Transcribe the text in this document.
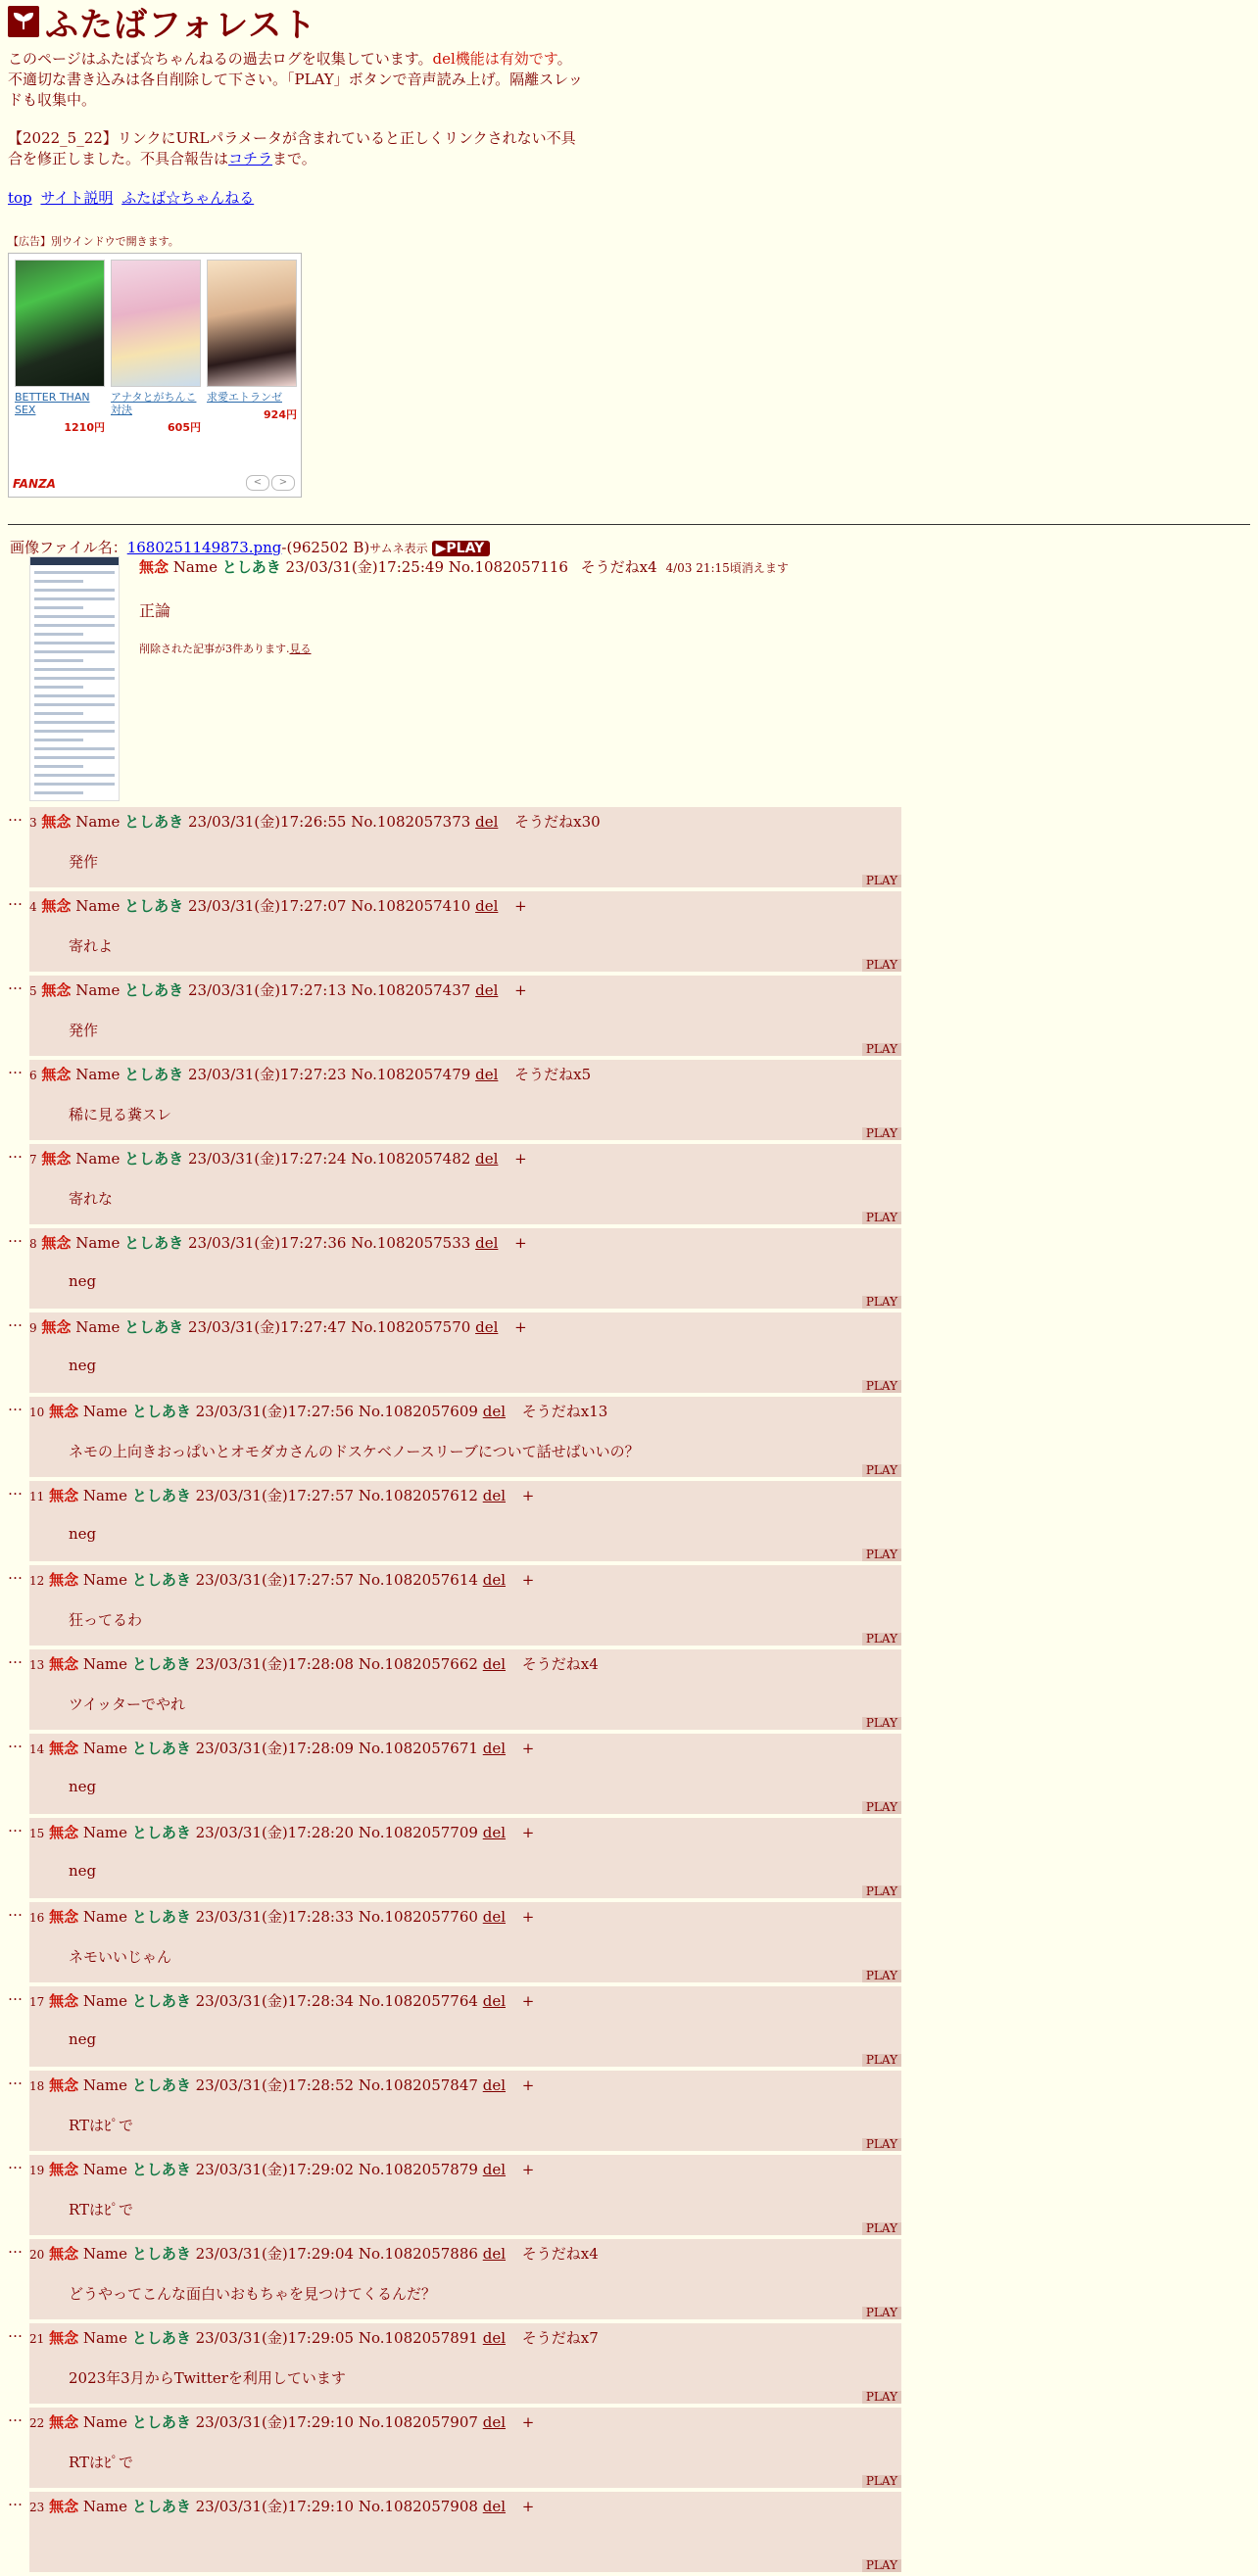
ふたばフォレスト
このページはふたば☆ちゃんねるの過去ログを収集しています。del機能は有効です。不適切な書き込みは各自削除して下さい。「PLAY」ボタンで音声読み上げ。隔離スレッドも収集中。
【2022_5_22】リンクにURLパラメータが含まれていると正しくリンクされない不具合を修正しました。不具合報告はコチラまで。
top サイト説明 ふたば☆ちゃんねる
【広告】別ウインドウで開きます。
BETTER THAN SEX
1210円
アナタとがちんこ対決
605円
求愛エトランゼ
924円
FANZA	<	>
画像ファイル名：1680251149873.png-(962502 B)サムネ表示 ▶PLAY
無念 Name としあき 23/03/31(金)17:25:49 No.1082057116 そうだねx4 4/03 21:15頃消えます
正論
削除された記事が3件あります.見る
… 3 無念 Name としあき 23/03/31(金)17:26:55 No.1082057373 del そうだねx30
発作
PLAY
… 4 無念 Name としあき 23/03/31(金)17:27:07 No.1082057410 del +
寄れよ
PLAY
… 5 無念 Name としあき 23/03/31(金)17:27:13 No.1082057437 del +
発作
PLAY
… 6 無念 Name としあき 23/03/31(金)17:27:23 No.1082057479 del そうだねx5
稀に見る糞スレ
PLAY
… 7 無念 Name としあき 23/03/31(金)17:27:24 No.1082057482 del +
寄れな
PLAY
… 8 無念 Name としあき 23/03/31(金)17:27:36 No.1082057533 del +
neg
PLAY
… 9 無念 Name としあき 23/03/31(金)17:27:47 No.1082057570 del +
neg
PLAY
… 10 無念 Name としあき 23/03/31(金)17:27:56 No.1082057609 del そうだねx13
ネモの上向きおっぱいとオモダカさんのドスケベノースリーブについて話せばいいの？
PLAY
… 11 無念 Name としあき 23/03/31(金)17:27:57 No.1082057612 del +
neg
PLAY
… 12 無念 Name としあき 23/03/31(金)17:27:57 No.1082057614 del +
狂ってるわ
PLAY
… 13 無念 Name としあき 23/03/31(金)17:28:08 No.1082057662 del そうだねx4
ツイッターでやれ
PLAY
… 14 無念 Name としあき 23/03/31(金)17:28:09 No.1082057671 del +
neg
PLAY
… 15 無念 Name としあき 23/03/31(金)17:28:20 No.1082057709 del +
neg
PLAY
… 16 無念 Name としあき 23/03/31(金)17:28:33 No.1082057760 del +
ネモいいじゃん
PLAY
… 17 無念 Name としあき 23/03/31(金)17:28:34 No.1082057764 del +
neg
PLAY
… 18 無念 Name としあき 23/03/31(金)17:28:52 No.1082057847 del +
RTはﾋﾟで
PLAY
… 19 無念 Name としあき 23/03/31(金)17:29:02 No.1082057879 del +
RTはﾋﾟで
PLAY
… 20 無念 Name としあき 23/03/31(金)17:29:04 No.1082057886 del そうだねx4
どうやってこんな面白いおもちゃを見つけてくるんだ？
PLAY
… 21 無念 Name としあき 23/03/31(金)17:29:05 No.1082057891 del そうだねx7
2023年3月からTwitterを利用しています
PLAY
… 22 無念 Name としあき 23/03/31(金)17:29:10 No.1082057907 del +
RTはﾋﾟで
PLAY
… 23 無念 Name としあき 23/03/31(金)17:29:10 No.1082057908 del +
PLAY
